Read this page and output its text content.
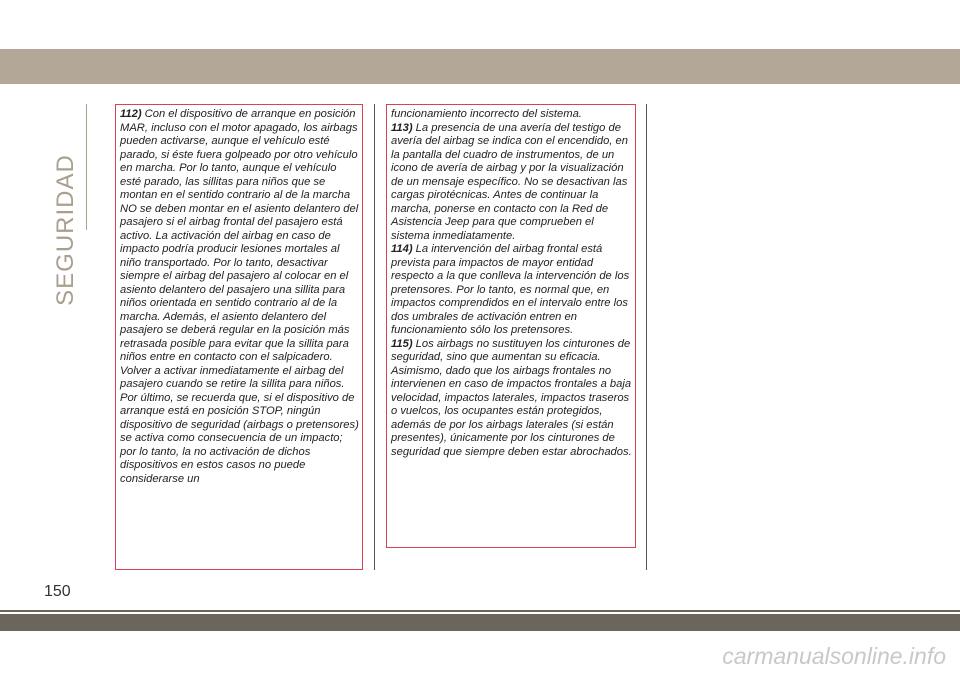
SEGURIDAD

112) Con el dispositivo de arranque en posición MAR, incluso con el motor apagado, los airbags pueden activarse, aunque el vehículo esté parado, si éste fuera golpeado por otro vehículo en marcha. Por lo tanto, aunque el vehículo esté parado, las sillitas para niños que se montan en el sentido contrario al de la marcha NO se deben montar en el asiento delantero del pasajero si el airbag frontal del pasajero está activo. La activación del airbag en caso de impacto podría producir lesiones mortales al niño transportado. Por lo tanto, desactivar siempre el airbag del pasajero al colocar en el asiento delantero del pasajero una sillita para niños orientada en sentido contrario al de la marcha. Además, el asiento delantero del pasajero se deberá regular en la posición más retrasada posible para evitar que la sillita para niños entre en contacto con el salpicadero. Volver a activar inmediatamente el airbag del pasajero cuando se retire la sillita para niños. Por último, se recuerda que, si el dispositivo de arranque está en posición STOP, ningún dispositivo de seguridad (airbags o pretensores) se activa como consecuencia de un impacto; por lo tanto, la no activación de dichos dispositivos en estos casos no puede considerarse un

funcionamiento incorrecto del sistema.

113) La presencia de una avería del testigo de avería del airbag se indica con el encendido, en la pantalla del cuadro de instrumentos, de un icono de avería de airbag y por la visualización de un mensaje específico. No se desactivan las cargas pirotécnicas. Antes de continuar la marcha, ponerse en contacto con la Red de Asistencia Jeep para que comprueben el sistema inmediatamente.

114) La intervención del airbag frontal está prevista para impactos de mayor entidad respecto a la que conlleva la intervención de los pretensores. Por lo tanto, es normal que, en impactos comprendidos en el intervalo entre los dos umbrales de activación entren en funcionamiento sólo los pretensores.

115) Los airbags no sustituyen los cinturones de seguridad, sino que aumentan su eficacia. Asimismo, dado que los airbags frontales no intervienen en caso de impactos frontales a baja velocidad, impactos laterales, impactos traseros o vuelcos, los ocupantes están protegidos, además de por los airbags laterales (si están presentes), únicamente por los cinturones de seguridad que siempre deben estar abrochados.

150
carmanualsonline.info
